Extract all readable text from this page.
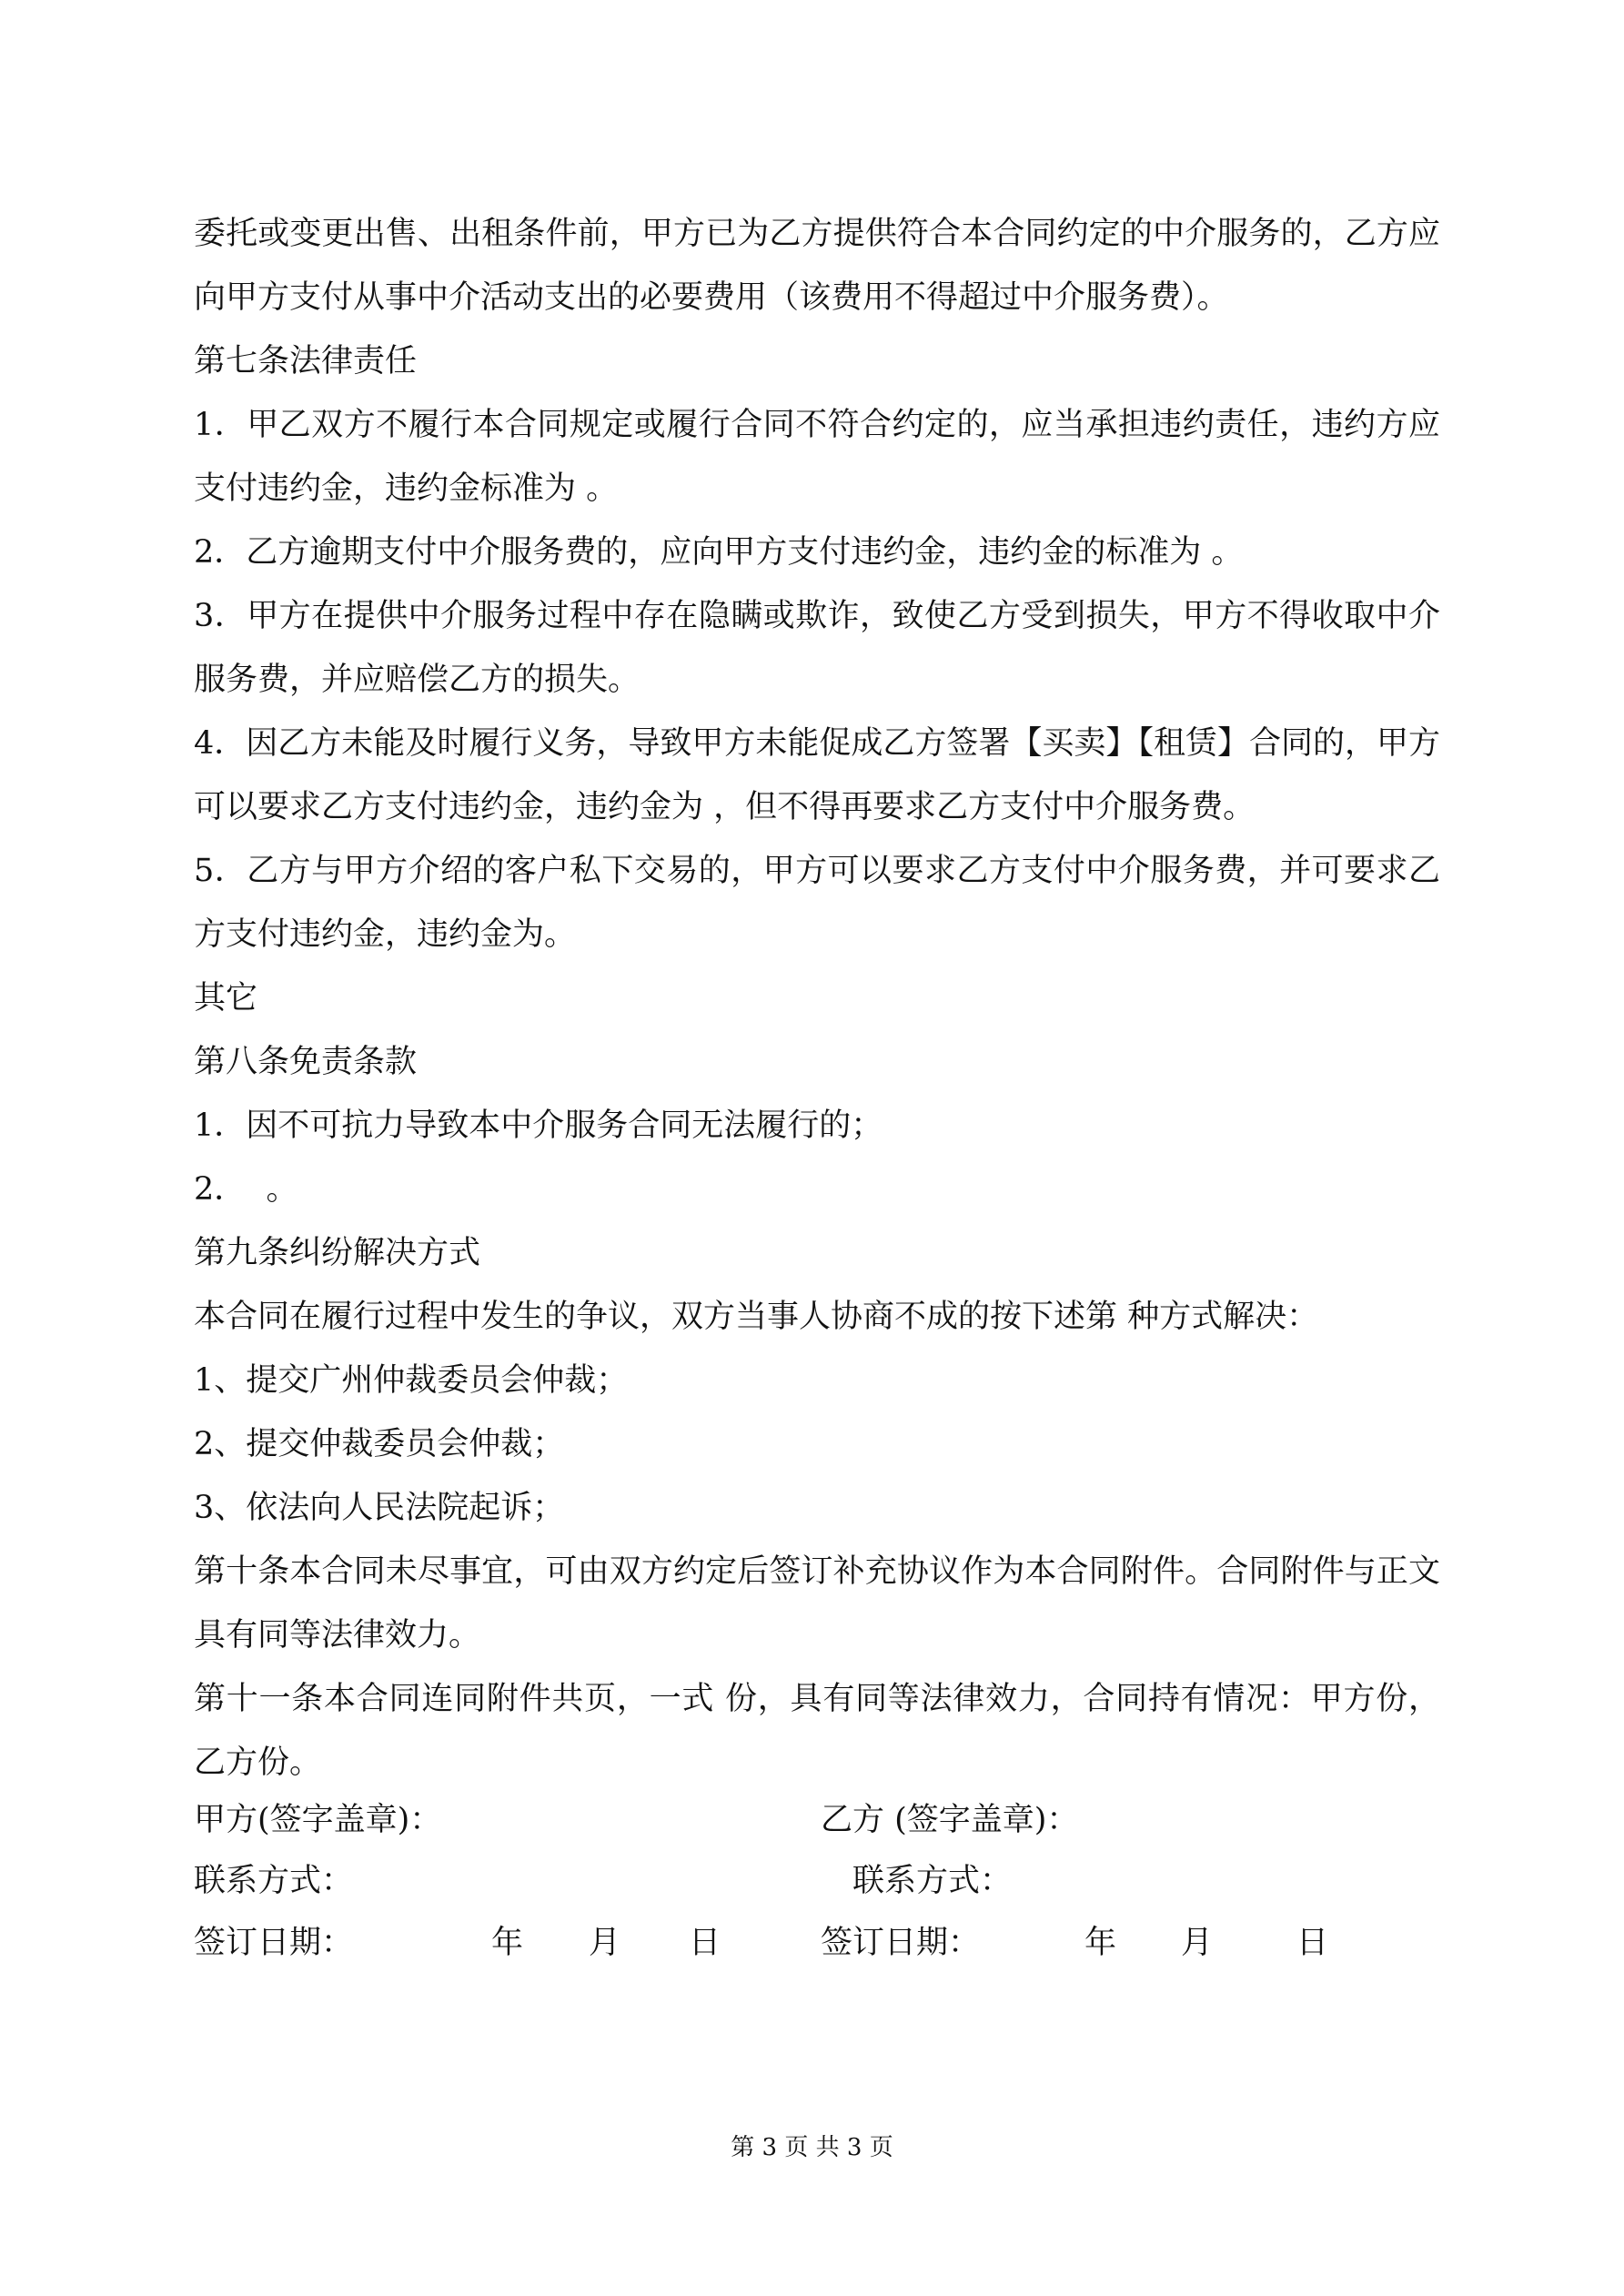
委托或变更出售、出租条件前，甲方已为乙方提供符合本合同约定的中介服务的，乙方应向甲方支付从事中介活动支出的必要费用（该费用不得超过中介服务费）。

第七条法律责任

1．甲乙双方不履行本合同规定或履行合同不符合约定的，应当承担违约责任，违约方应支付违约金，违约金标准为 。

2．乙方逾期支付中介服务费的，应向甲方支付违约金，违约金的标准为 。

3．甲方在提供中介服务过程中存在隐瞒或欺诈，致使乙方受到损失，甲方不得收取中介服务费，并应赔偿乙方的损失。

4．因乙方未能及时履行义务，导致甲方未能促成乙方签署【买卖】【租赁】合同的，甲方可以要求乙方支付违约金，违约金为 ，但不得再要求乙方支付中介服务费。

5．乙方与甲方介绍的客户私下交易的，甲方可以要求乙方支付中介服务费，并可要求乙方支付违约金，违约金为。

其它

第八条免责条款

1．因不可抗力导致本中介服务合同无法履行的；

2．  。

第九条纠纷解决方式

本合同在履行过程中发生的争议，双方当事人协商不成的按下述第 种方式解决：

1、提交广州仲裁委员会仲裁；

2、提交仲裁委员会仲裁；

3、依法向人民法院起诉；

第十条本合同未尽事宜，可由双方约定后签订补充协议作为本合同附件。合同附件与正文具有同等法律效力。

第十一条本合同连同附件共页，一式 份，具有同等法律效力，合同持有情况：甲方份，乙方份。

甲方(签字盖章)：	乙方 (签字盖章)：
联系方式：	联系方式：
签订日期：	年 月 日	签订日期：	年 月	日
第 3 页 共 3 页
